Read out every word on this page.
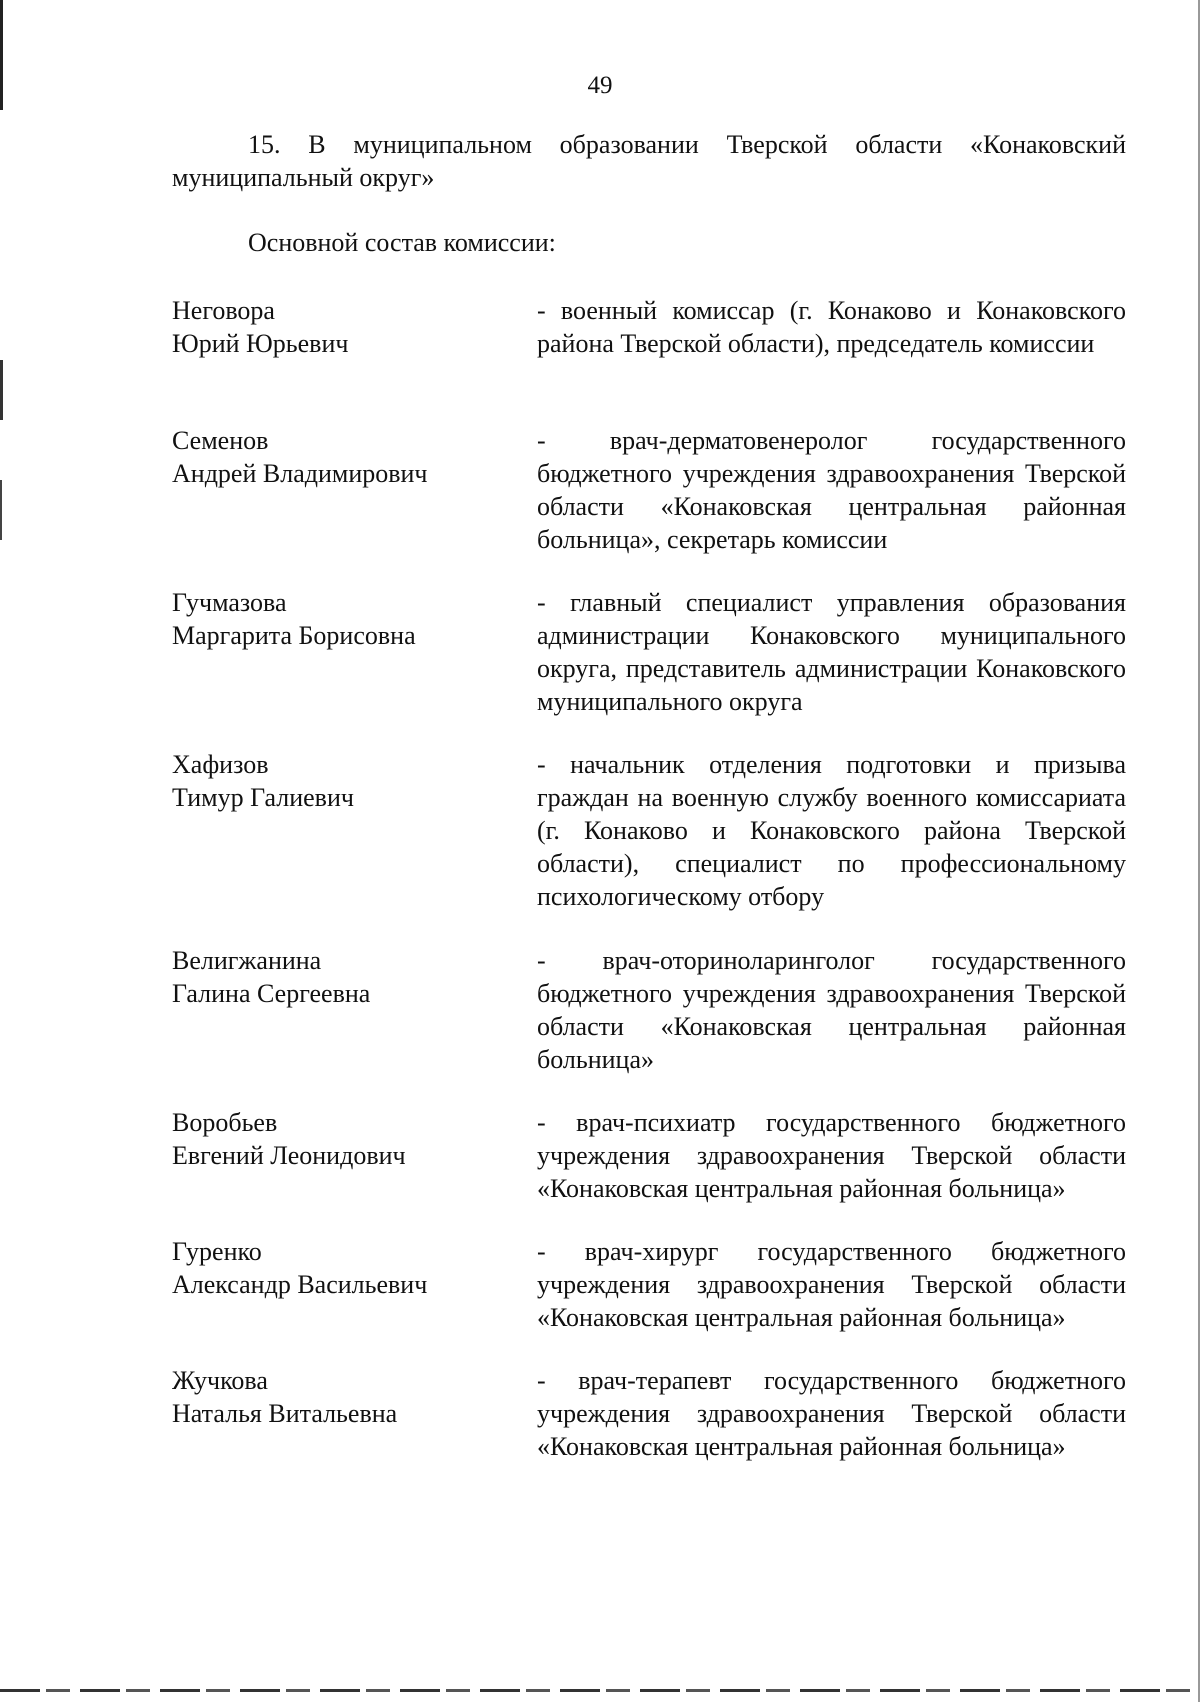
49

15. В муниципальном образовании Тверской области «Конаковский муниципальный округ»

Основной состав комиссии:

Неговора
Юрий Юрьевич

- военный комиссар (г. Конаково и Конаковского района Тверской области), председатель комиссии

Семенов
Андрей Владимирович

- врач-дерматовенеролог государственного бюджетного учреждения здравоохранения Тверской области «Конаковская центральная районная больница», секретарь комиссии

Гучмазова
Маргарита Борисовна

- главный специалист управления образования администрации Конаковского муниципального округа, представитель администрации Конаковского муниципального округа

Хафизов
Тимур Галиевич

- начальник отделения подготовки и призыва граждан на военную службу военного комиссариата (г. Конаково и Конаковского района Тверской области), специалист по профессиональному психологическому отбору

Велигжанина
Галина Сергеевна

- врач-оториноларинголог государственного бюджетного учреждения здравоохранения Тверской области «Конаковская центральная районная больница»

Воробьев
Евгений Леонидович

- врач-психиатр государственного бюджетного учреждения здравоохранения Тверской области «Конаковская центральная районная больница»

Гуренко
Александр Васильевич

- врач-хирург государственного бюджетного учреждения здравоохранения Тверской области «Конаковская центральная районная больница»

Жучкова
Наталья Витальевна

- врач-терапевт государственного бюджетного учреждения здравоохранения Тверской области «Конаковская центральная районная больница»
